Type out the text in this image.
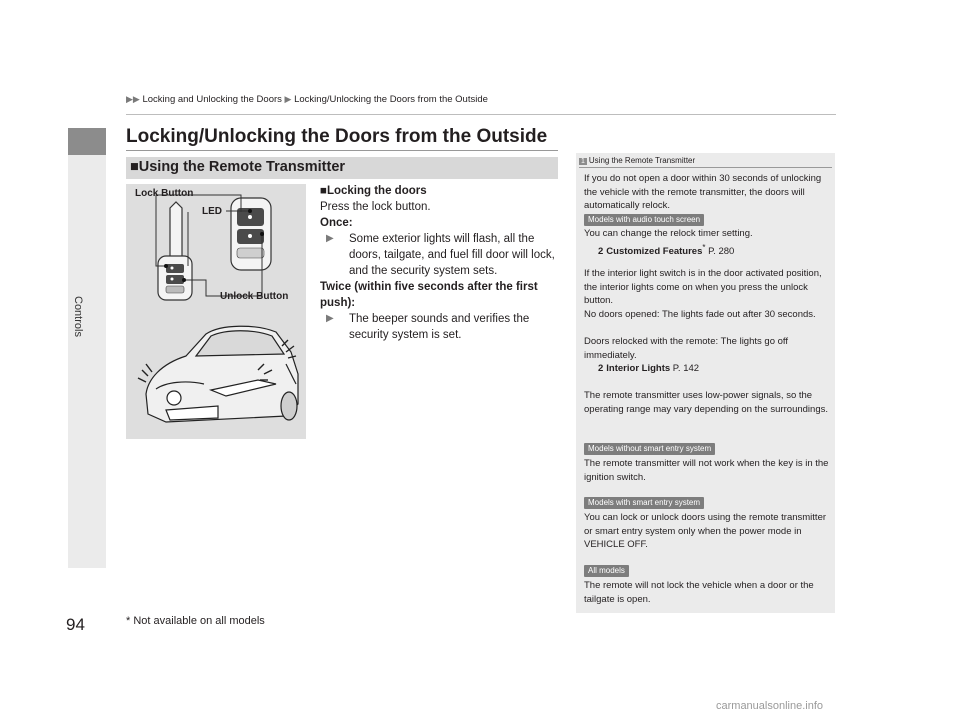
Controls
▶▶ Locking and Unlocking the Doors ▶ Locking/Unlocking the Doors from the Outside
Locking/Unlocking the Doors from the Outside
■Using the Remote Transmitter
Lock Button
LED
Unlock Button
■Locking the doors
Press the lock button.
Once:
▶	Some exterior lights will flash, all the doors, tailgate, and fuel fill door will lock, and the security system sets.
Twice (within five seconds after the first push):
▶	The beeper sounds and verifies the security system is set.
1 Using the Remote Transmitter
If you do not open a door within 30 seconds of unlocking the vehicle with the remote transmitter, the doors will automatically relock.
Models with audio touch screen
You can change the relock timer setting.
2 Customized Features* P. 280
If the interior light switch is in the door activated position, the interior lights come on when you press the unlock button.
No doors opened: The lights fade out after 30 seconds.
Doors relocked with the remote: The lights go off immediately.
2 Interior Lights P. 142
The remote transmitter uses low-power signals, so the operating range may vary depending on the surroundings.
Models without smart entry system
The remote transmitter will not work when the key is in the ignition switch.
Models with smart entry system
You can lock or unlock doors using the remote transmitter or smart entry system only when the power mode in VEHICLE OFF.
All models
The remote will not lock the vehicle when a door or the tailgate is open.
94	* Not available on all models
carmanualsonline.info
